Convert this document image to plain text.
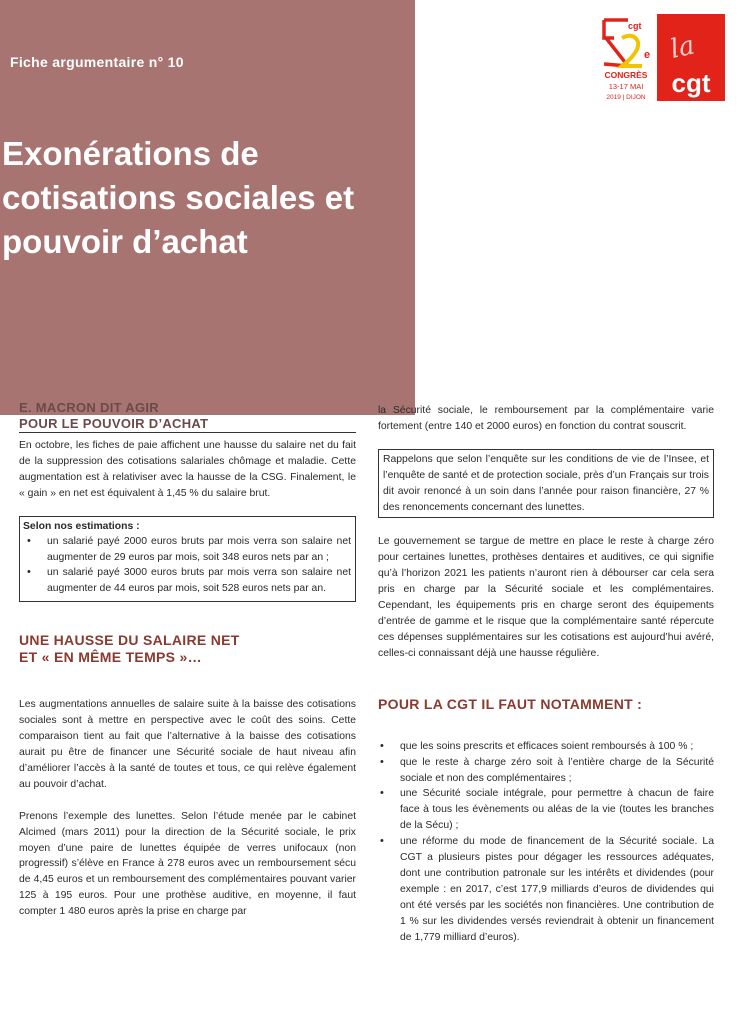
Fiche argumentaire n° 10

Exonérations de
cotisations sociales et
pouvoir d’achat
e
cgt
CONGRÈS
13-17 MAI
2019 | DIJON
la
cgt
E. MACRON DIT AGIR
POUR LE POUVOIR D’ACHAT

En octobre, les fiches de paie affichent une hausse du salaire net du fait de la suppression des cotisations salariales chômage et maladie. Cette augmentation est à relativiser avec la hausse de la CSG. Finalement, le « gain » en net est équivalent à 1,45 % du salaire brut.

Selon nos estimations :

• un salarié payé 2000 euros bruts par mois verra son salaire net augmenter de 29 euros par mois, soit 348 euros nets par an ;
• un salarié payé 3000 euros bruts par mois verra son salaire net augmenter de 44 euros par mois, soit 528 euros nets par an.
UNE HAUSSE DU SALAIRE NET
ET « EN MÊME TEMPS »…

Les augmentations annuelles de salaire suite à la baisse des cotisations sociales sont à mettre en perspective avec le coût des soins. Cette comparaison tient au fait que l’alternative à la baisse des cotisations aurait pu être de financer une Sécurité sociale de haut niveau afin d’améliorer l’accès à la santé de toutes et tous, ce qui relève également au pouvoir d’achat.

Prenons l’exemple des lunettes. Selon l’étude menée par le cabinet Alcimed (mars 2011) pour la direction de la Sécurité sociale, le prix moyen d’une paire de lunettes équipée de verres unifocaux (non progressif) s’élève en France à 278 euros avec un remboursement sécu de 4,45 euros et un remboursement des complémentaires pouvant varier 125 à 195 euros. Pour une prothèse auditive, en moyenne, il faut compter 1 480 euros après la prise en charge par

la Sécurité sociale, le remboursement par la complémentaire varie fortement (entre 140 et 2000 euros) en fonction du contrat souscrit.

Rappelons que selon l’enquête sur les conditions de vie de l’Insee, et l’enquête de santé et de protection sociale, près d’un Français sur trois dit avoir renoncé à un soin dans l’année pour raison financière, 27 % des renoncements concernant des lunettes.

Le gouvernement se targue de mettre en place le reste à charge zéro pour certaines lunettes, prothèses dentaires et auditives, ce qui signifie qu’à l’horizon 2021 les patients n’auront rien à débourser car cela sera pris en charge par la Sécurité sociale et les complémentaires. Cependant, les équipements pris en charge seront des équipements d’entrée de gamme et le risque que la complémentaire santé répercute ces dépenses supplémentaires sur les cotisations est aujourd’hui avéré, celles-ci connaissant déjà une hausse régulière.

POUR LA CGT IL FAUT NOTAMMENT :
• que les soins prescrits et efficaces soient remboursés à 100 % ;
• que le reste à charge zéro soit à l’entière charge de la Sécurité sociale et non des complémentaires ;
• une Sécurité sociale intégrale, pour permettre à chacun de faire face à tous les évènements ou aléas de la vie (toutes les branches de la Sécu) ;
• une réforme du mode de financement de la Sécurité sociale. La CGT a plusieurs pistes pour dégager les ressources adéquates, dont une contribution patronale sur les intérêts et dividendes (pour exemple : en 2017, c’est 177,9 milliards d’euros de dividendes qui ont été versés par les sociétés non financières. Une contribution de 1 % sur les dividendes versés reviendrait à obtenir un financement de 1,779 milliard d’euros).
